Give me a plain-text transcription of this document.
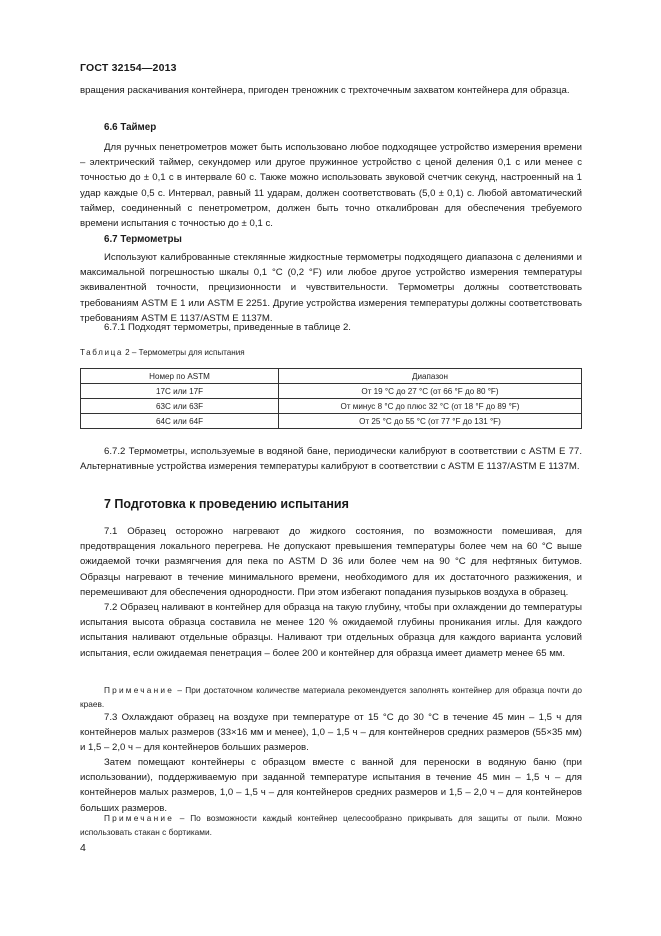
ГОСТ 32154—2013

вращения раскачивания контейнера, пригоден треножник с трехточечным захватом контейнера для образца.

6.6 Таймер

Для ручных пенетрометров может быть использовано любое подходящее устройство измерения времени – электрический таймер, секундомер или другое пружинное устройство с ценой деления 0,1 с или менее с точностью до ± 0,1 с в интервале 60 с. Также можно использовать звуковой счетчик секунд, настроенный на 1 удар каждые 0,5 с. Интервал, равный 11 ударам, должен соответствовать (5,0 ± 0,1) с. Любой автоматический таймер, соединенный с пенетрометром, должен быть точно откалиброван для обеспечения требуемого времени испытания с точностью до ± 0,1 с.

6.7 Термометры

Используют калиброванные стеклянные жидкостные термометры подходящего диапазона с делениями и максимальной погрешностью шкалы 0,1 °С (0,2 °F) или любое другое устройство измерения температуры эквивалентной точности, прецизионности и чувствительности. Термометры должны соответствовать требованиям ASTM Е 1 или ASTM Е 2251. Другие устройства измерения температуры должны соответствовать требованиям ASTM Е 1137/ASTM Е 1137M.

6.7.1 Подходят термометры, приведенные в таблице 2.

Таблица 2 – Термометры для испытания
Номер по ASTM	Диапазон
17С или 17F	От 19 °С до 27 °С (от 66 °F до 80 °F)
63С или 63F	От минус 8 °С до плюс 32 °С (от 18 °F до 89 °F)
64С или 64F	От 25 °С до 55 °С (от 77 °F до 131 °F)

6.7.2 Термометры, используемые в водяной бане, периодически калибруют в соответствии с ASTM Е 77. Альтернативные устройства измерения температуры калибруют в соответствии с ASTM Е 1137/ASTM Е 1137M.

7 Подготовка к проведению испытания

7.1 Образец осторожно нагревают до жидкого состояния, по возможности помешивая, для предотвращения локального перегрева. Не допускают превышения температуры более чем на 60 °С выше ожидаемой точки размягчения для пека по ASTM D 36 или более чем на 90 °С для нефтяных битумов. Образцы нагревают в течение минимального времени, необходимого для их достаточного разжижения, и перемешивают для обеспечения однородности. При этом избегают попадания пузырьков воздуха в образец.

7.2 Образец наливают в контейнер для образца на такую глубину, чтобы при охлаждении до температуры испытания высота образца составила не менее 120 % ожидаемой глубины проникания иглы. Для каждого испытания наливают отдельные образцы. Наливают три отдельных образца для каждого варианта условий испытания, если ожидаемая пенетрация – более 200 и контейнер для образца имеет диаметр менее 65 мм.

Примечание – При достаточном количестве материала рекомендуется заполнять контейнер для образца почти до краев.

7.3 Охлаждают образец на воздухе при температуре от 15 °С до 30 °С в течение 45 мин – 1,5 ч для контейнеров малых размеров (33×16 мм и менее), 1,0 – 1,5 ч – для контейнеров средних размеров (55×35 мм) и 1,5 – 2,0 ч – для контейнеров больших размеров.

Затем помещают контейнеры с образцом вместе с ванной для переноски в водяную баню (при использовании), поддерживаемую при заданной температуре испытания в течение 45 мин – 1,5 ч – для контейнеров малых размеров, 1,0 – 1,5 ч – для контейнеров средних размеров и 1,5 – 2,0 ч – для контейнеров больших размеров.

Примечание – По возможности каждый контейнер целесообразно прикрывать для защиты от пыли. Можно использовать стакан с бортиками.

4
